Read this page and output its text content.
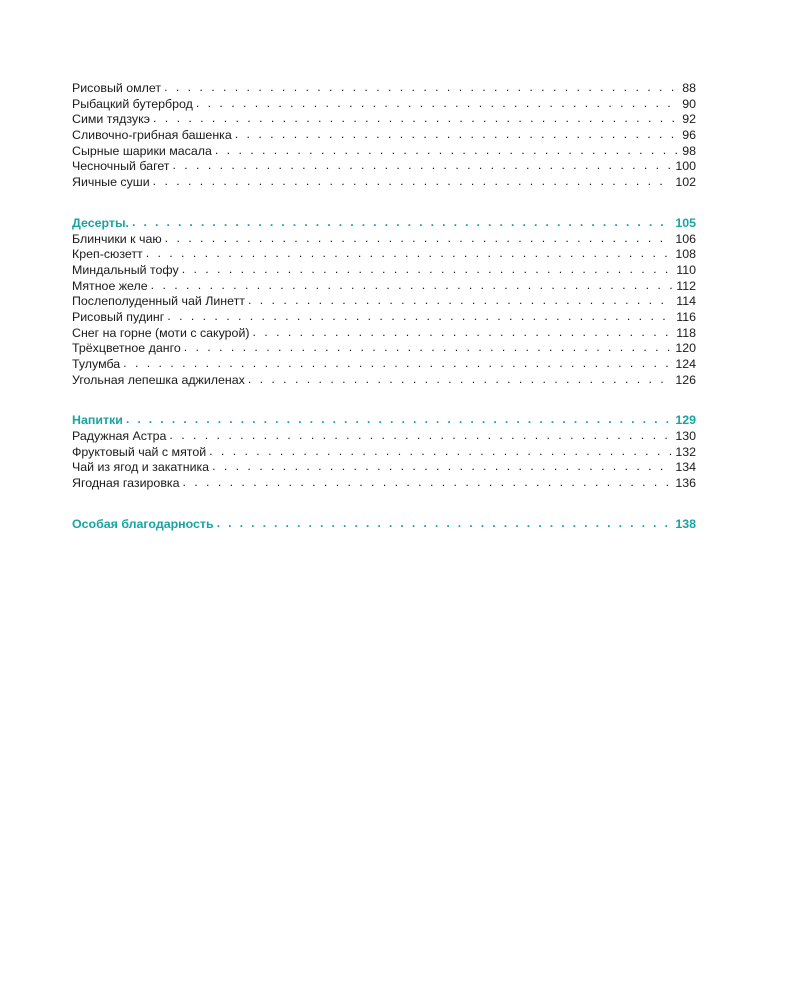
Рисовый омлет . . .	88
Рыбацкий бутерброд . . .	90
Сими тядзукэ . . .	92
Сливочно-грибная башенка . . .	96
Сырные шарики масала . . .	98
Чесночный багет . . .	100
Яичные суши . . .	102
Десерты. . . .	105
Блинчики к чаю . . .	106
Креп-сюзетт . . .	108
Миндальный тофу . . .	110
Мятное желе . . .	112
Послеполуденный чай Линетт . . .	114
Рисовый пудинг . . .	116
Снег на горне (моти с сакурой) . . .	118
Трёхцветное данго . . .	120
Тулумба . . .	124
Угольная лепешка аджиленах . . .	126
Напитки . . .	129
Радужная Астра . . .	130
Фруктовый чай с мятой . . .	132
Чай из ягод и закатника . . .	134
Ягодная газировка . . .	136
Особая благодарность . . .	138
